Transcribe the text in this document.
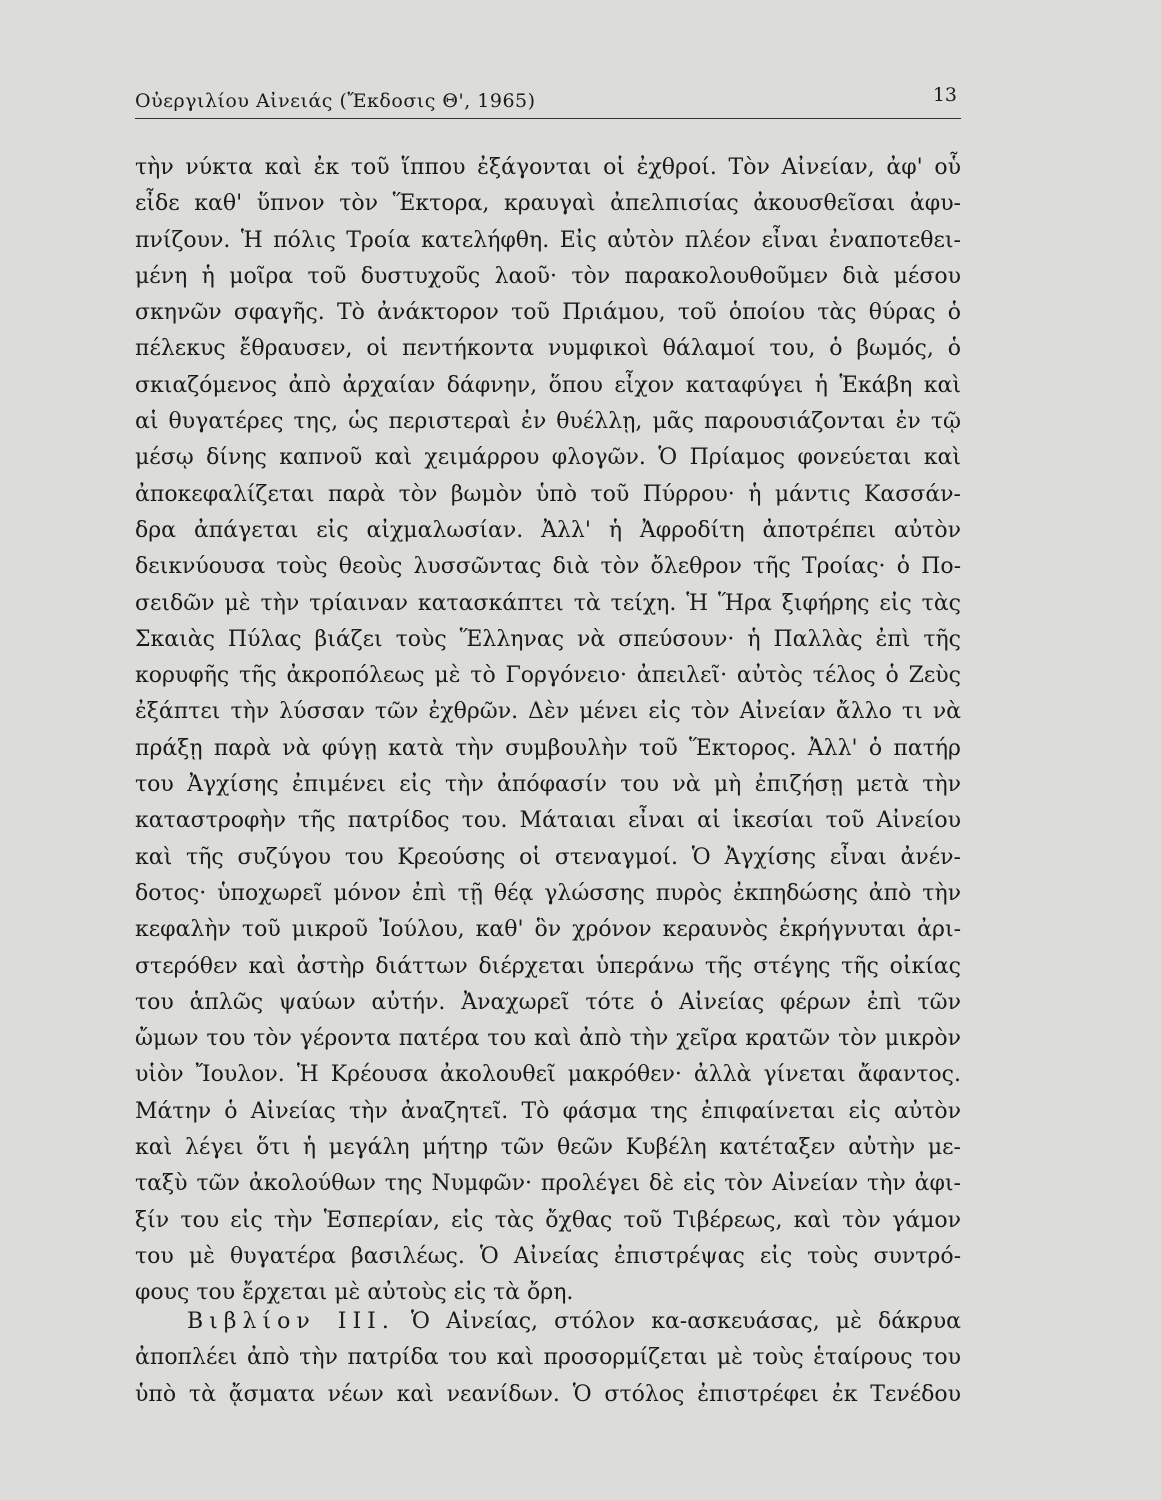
Οὐεργιλίου Αἰνειάς (Ἔκδοσις Θ', 1965)	13
τὴν νύκτα καὶ ἐκ τοῦ ἵππου ἐξάγονται οἱ ἐχθροί. Τὸν Αἰνείαν, ἀφ' οὗ
εἶδε καθ' ὕπνον τὸν Ἕκτορα, κραυγαὶ ἀπελπισίας ἀκουσθεῖσαι ἀφυ-
πνίζουν. Ἡ πόλις Τροία κατελήφθη. Εἰς αὐτὸν πλέον εἶναι ἐναποτεθει-
μένη ἡ μοῖρα τοῦ δυστυχοῦς λαοῦ· τὸν παρακολουθοῦμεν διὰ μέσου
σκηνῶν σφαγῆς. Τὸ ἀνάκτορον τοῦ Πριάμου, τοῦ ὁποίου τὰς θύρας ὁ
πέλεκυς ἔθραυσεν, οἱ πεντήκοντα νυμφικοὶ θάλαμοί του, ὁ βωμός, ὁ
σκιαζόμενος ἀπὸ ἀρχαίαν δάφνην, ὅπου εἶχον καταφύγει ἡ Ἑκάβη καὶ
αἱ θυγατέρες της, ὡς περιστεραὶ ἐν θυέλλῃ, μᾶς παρουσιάζονται ἐν τῷ
μέσῳ δίνης καπνοῦ καὶ χειμάρρου φλογῶν. Ὁ Πρίαμος φονεύεται καὶ
ἀποκεφαλίζεται παρὰ τὸν βωμὸν ὑπὸ τοῦ Πύρρου· ἡ μάντις Κασσάν-
δρα ἀπάγεται εἰς αἰχμαλωσίαν. Ἀλλ' ἡ Ἀφροδίτη ἀποτρέπει αὐτὸν
δεικνύουσα τοὺς θεοὺς λυσσῶντας διὰ τὸν ὄλεθρον τῆς Τροίας· ὁ Πο-
σειδῶν μὲ τὴν τρίαιναν κατασκάπτει τὰ τείχη. Ἡ Ἥρα ξιφήρης εἰς τὰς
Σκαιὰς Πύλας βιάζει τοὺς Ἕλληνας νὰ σπεύσουν· ἡ Παλλὰς ἐπὶ τῆς
κορυφῆς τῆς ἀκροπόλεως μὲ τὸ Γοργόνειο· ἀπειλεῖ· αὐτὸς τέλος ὁ Ζεὺς
ἐξάπτει τὴν λύσσαν τῶν ἐχθρῶν. Δὲν μένει εἰς τὸν Αἰνείαν ἄλλο τι νὰ
πράξῃ παρὰ νὰ φύγῃ κατὰ τὴν συμβουλὴν τοῦ Ἕκτορος. Ἀλλ' ὁ πατήρ
του Ἀγχίσης ἐπιμένει εἰς τὴν ἀπόφασίν του νὰ μὴ ἐπιζήσῃ μετὰ τὴν
καταστροφὴν τῆς πατρίδος του. Μάταιαι εἶναι αἱ ἱκεσίαι τοῦ Αἰνείου
καὶ τῆς συζύγου του Κρεούσης οἱ στεναγμοί. Ὁ Ἀγχίσης εἶναι ἀνέν-
δοτος· ὑποχωρεῖ μόνον ἐπὶ τῇ θέᾳ γλώσσης πυρὸς ἐκπηδώσης ἀπὸ τὴν
κεφαλὴν τοῦ μικροῦ Ἰούλου, καθ' ὃν χρόνον κεραυνὸς ἐκρήγνυται ἀρι-
στερόθεν καὶ ἀστὴρ διάττων διέρχεται ὑπεράνω τῆς στέγης τῆς οἰκίας
του ἁπλῶς ψαύων αὐτήν. Ἀναχωρεῖ τότε ὁ Αἰνείας φέρων ἐπὶ τῶν
ὤμων του τὸν γέροντα πατέρα του καὶ ἀπὸ τὴν χεῖρα κρατῶν τὸν μικρὸν
υἱὸν Ἴουλον. Ἡ Κρέουσα ἀκολουθεῖ μακρόθεν· ἀλλὰ γίνεται ἄφαντος.
Μάτην ὁ Αἰνείας τὴν ἀναζητεῖ. Τὸ φάσμα της ἐπιφαίνεται εἰς αὐτὸν
καὶ λέγει ὅτι ἡ μεγάλη μήτηρ τῶν θεῶν Κυβέλη κατέταξεν αὐτὴν με-
ταξὺ τῶν ἀκολούθων της Νυμφῶν· προλέγει δὲ εἰς τὸν Αἰνείαν τὴν ἀφι-
ξίν του εἰς τὴν Ἑσπερίαν, εἰς τὰς ὄχθας τοῦ Τιβέρεως, καὶ τὸν γάμον
του μὲ θυγατέρα βασιλέως. Ὁ Αἰνείας ἐπιστρέψας εἰς τοὺς συντρό-
φους του ἔρχεται μὲ αὐτοὺς εἰς τὰ ὄρη.
Βιβλίον III. Ὁ Αἰνείας, στόλον κα-ασκευάσας, μὲ δάκρυα
ἀποπλέει ἀπὸ τὴν πατρίδα του καὶ προσορμίζεται μὲ τοὺς ἑταίρους του
ὑπὸ τὰ ᾄσματα νέων καὶ νεανίδων. Ὁ στόλος ἐπιστρέφει ἐκ Τενέδου
